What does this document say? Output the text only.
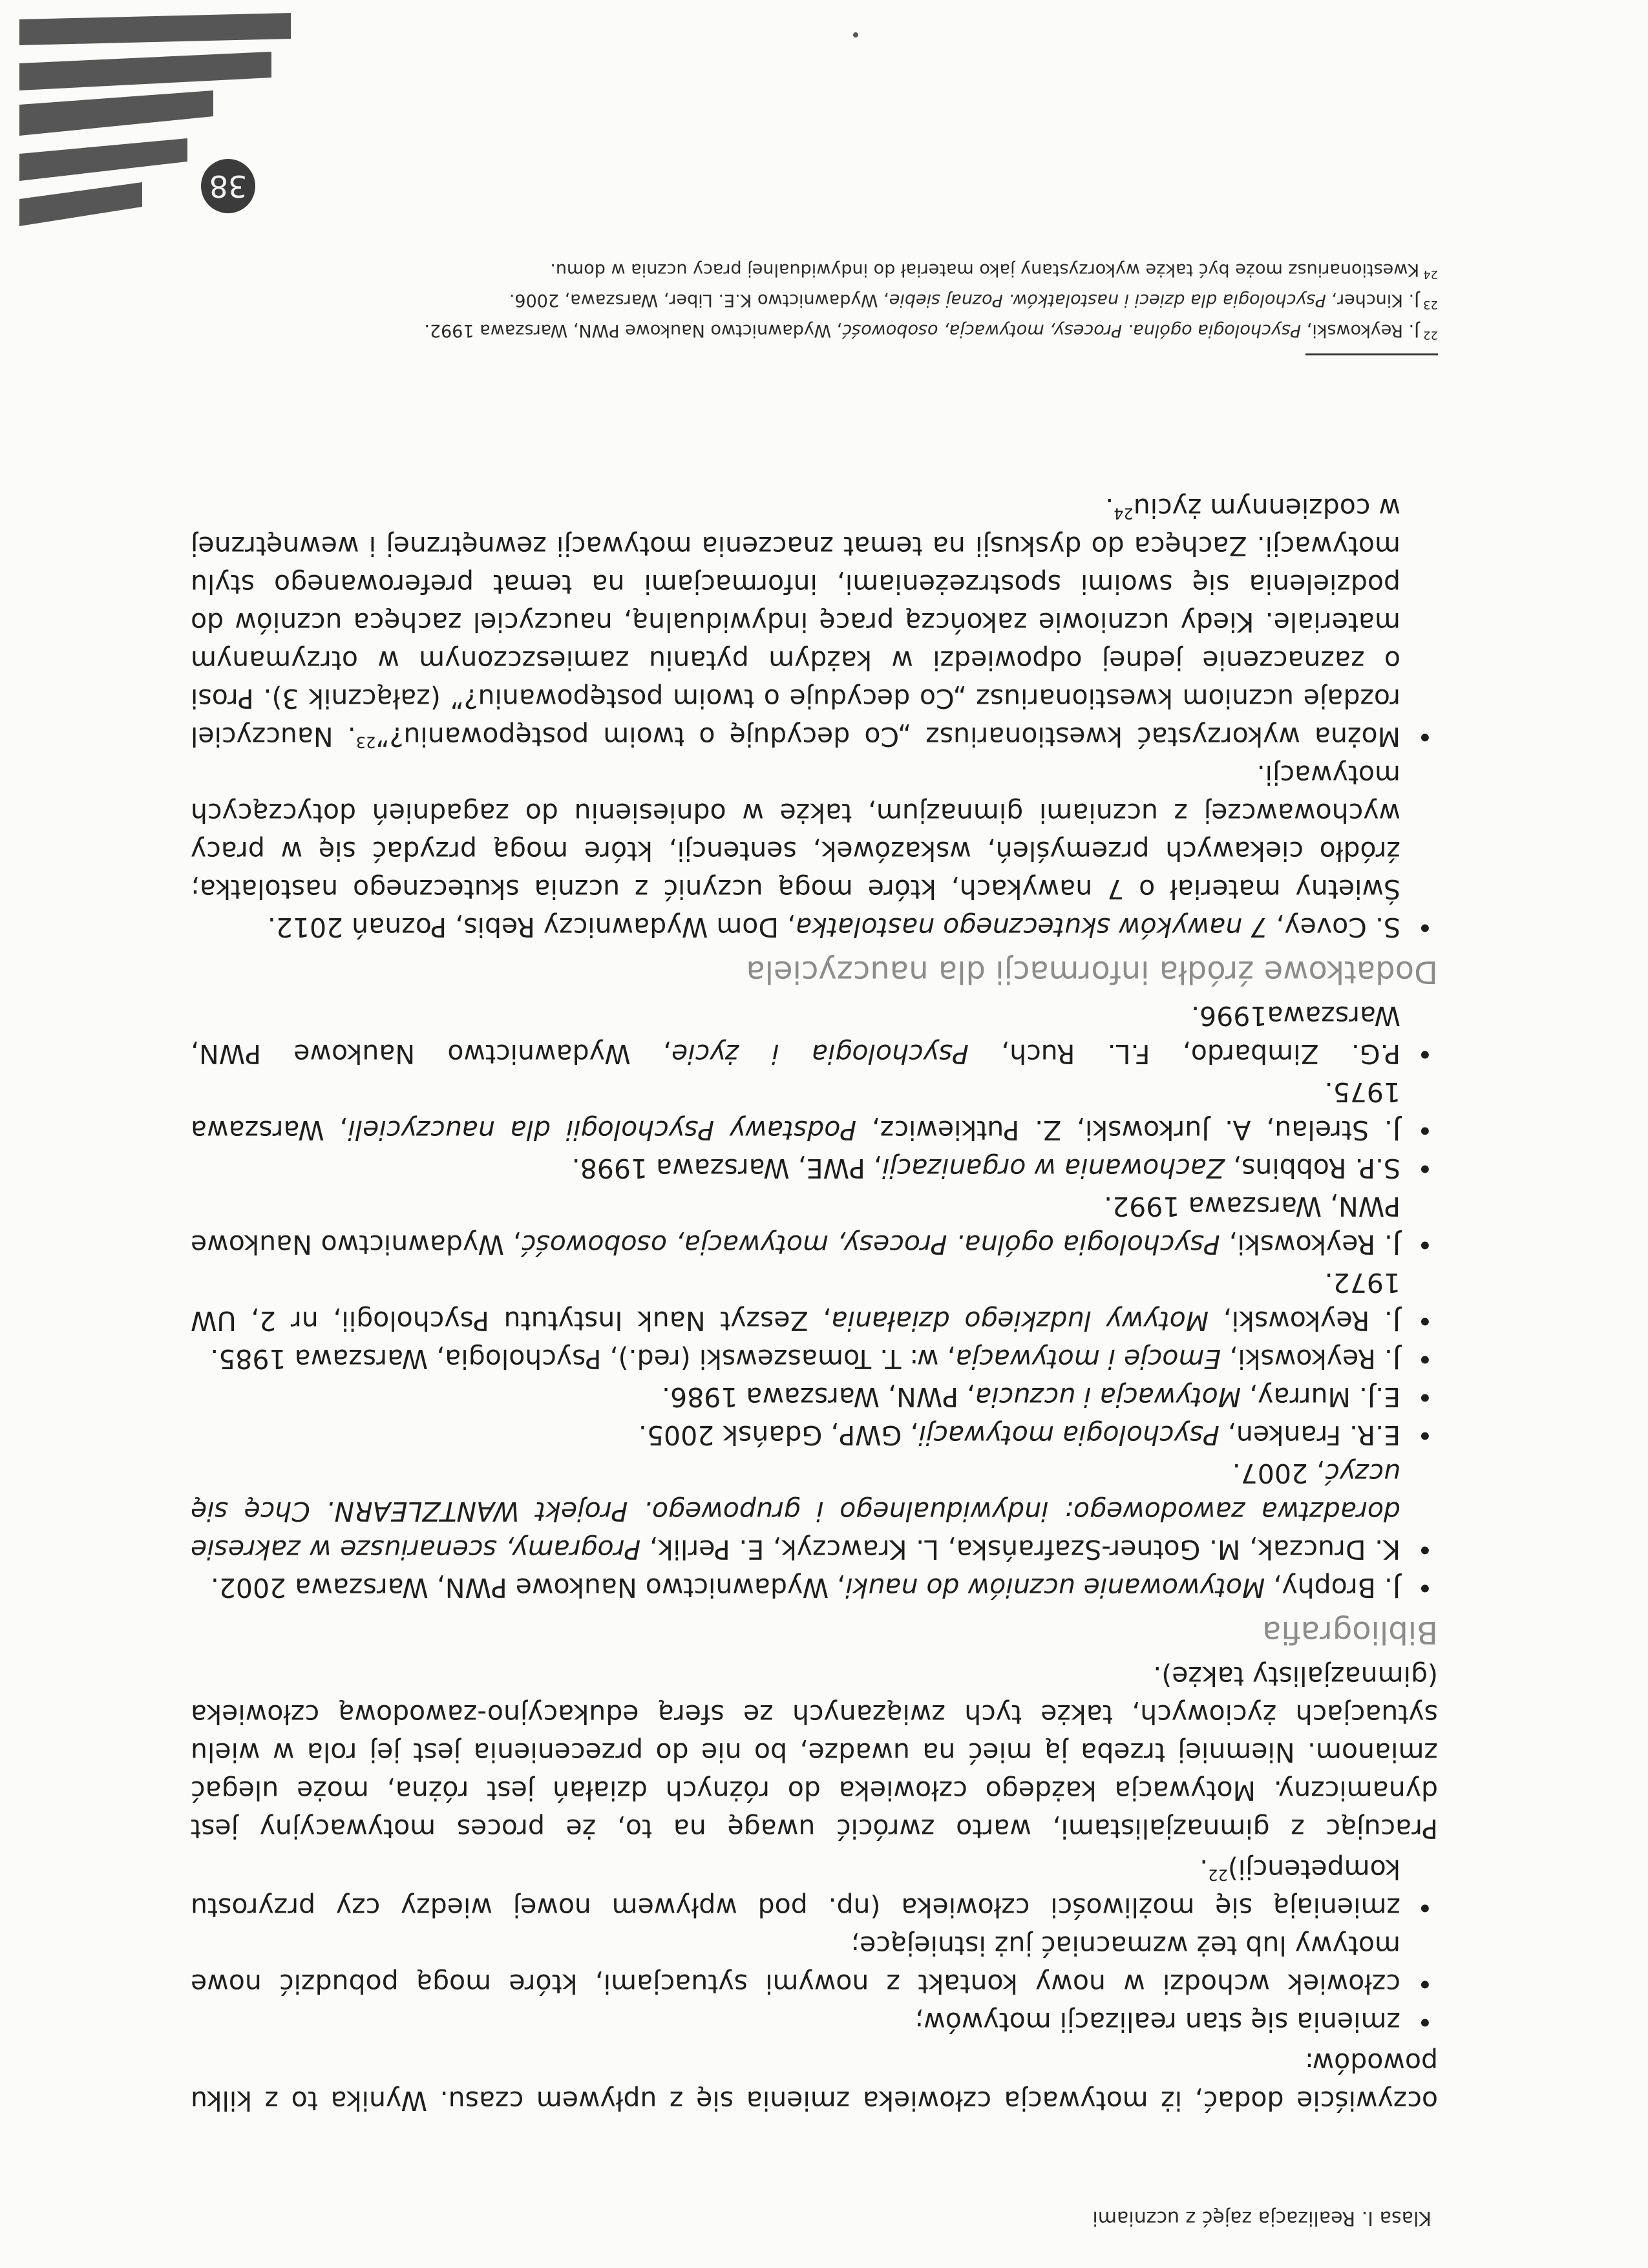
Klasa I. Realizacja zajęć z uczniami

oczywiście dodać, iż motywacja człowieka zmienia się z upływem czasu. Wynika to z kilku powodów:

• zmienia się stan realizacji motywów;
• człowiek wchodzi w nowy kontakt z nowymi sytuacjami, które mogą pobudzić nowe motywy lub też wzmacniać już istniejące;
• zmieniają się możliwości człowieka (np. pod wpływem nowej wiedzy czy przyrostu kompetencji)$^{22}$.

Pracując z gimnazjalistami, warto zwrócić uwagę na to, że proces motywacyjny jest dynamiczny. Motywacja każdego człowieka do różnych działań jest różna, może ulegać zmianom. Niemniej trzeba ją mieć na uwadze, bo nie do przecenienia jest jej rola w wielu sytuacjach życiowych, także tych związanych ze sferą edukacyjno-zawodową człowieka (gimnazjalisty także).

Bibliografia
• J. Brophy, Motywowanie uczniów do nauki, Wydawnictwo Naukowe PWN, Warszawa 2002.
• K. Druczak, M. Gotner-Szafrańska, L. Krawczyk, E. Perlik, Programy, scenariusze w zakresie doradztwa zawodowego: indywidualnego i grupowego. Projekt WANTZLEARN. Chcę się uczyć, 2007.
• E.R. Franken, Psychologia motywacji, GWP, Gdańsk 2005.
• E.J. Murray, Motywacja i uczucia, PWN, Warszawa 1986.
• J. Reykowski, Emocje i motywacja, w: T. Tomaszewski (red.), Psychologia, Warszawa 1985.
• J. Reykowski, Motywy ludzkiego działania, Zeszyt Nauk Instytutu Psychologii, nr 2, UW 1972.
• J. Reykowski, Psychologia ogólna. Procesy, motywacja, osobowość, Wydawnictwo Naukowe PWN, Warszawa 1992.
• S.P. Robbins, Zachowania w organizacji, PWE, Warszawa 1998.
• J. Strelau, A. Jurkowski, Z. Putkiewicz, Podstawy Psychologii dla nauczycieli, Warszawa 1975.
• P.G. Zimbardo, F.L. Ruch, Psychologia i życie, Wydawnictwo Naukowe PWN, Warszawa1996.
Dodatkowe źródła informacji dla nauczyciela
• S. Covey, 7 nawyków skutecznego nastolatka, Dom Wydawniczy Rebis, Poznań 2012.
Świetny materiał o 7 nawykach, które mogą uczynić z ucznia skutecznego nastolatka; źródło ciekawych przemyśleń, wskazówek, sentencji, które mogą przydać się w pracy wychowawczej z uczniami gimnazjum, także w odniesieniu do zagadnień dotyczących motywacji.
• Można wykorzystać kwestionariusz „Co decyduję o twoim postępowaniu?”$^{23}$. Nauczyciel rozdaje uczniom kwestionariusz „Co decyduje o twoim postępowaniu?” (załącznik 3). Prosi o zaznaczenie jednej odpowiedzi w każdym pytaniu zamieszczonym w otrzymanym materiale. Kiedy uczniowie zakończą pracę indywidualną, nauczyciel zachęca uczniów do podzielenia się swoimi spostrzeżeniami, informacjami na temat preferowanego stylu motywacji. Zachęca do dyskusji na temat znaczenia motywacji zewnętrznej i wewnętrznej w codziennym życiu$^{24}$.
$^{22}$J. Reykowski, Psychologia ogólna. Procesy, motywacja, osobowość, Wydawnictwo Naukowe PWN, Warszawa 1992.
$^{23}$J. Kincher, Psychologia dla dzieci i nastolatków. Poznaj siebie, Wydawnictwo K.E. Liber, Warszawa, 2006.
$^{24}$Kwestionariusz może być także wykorzystany jako materiał do indywidualnej pracy ucznia w domu.
38
